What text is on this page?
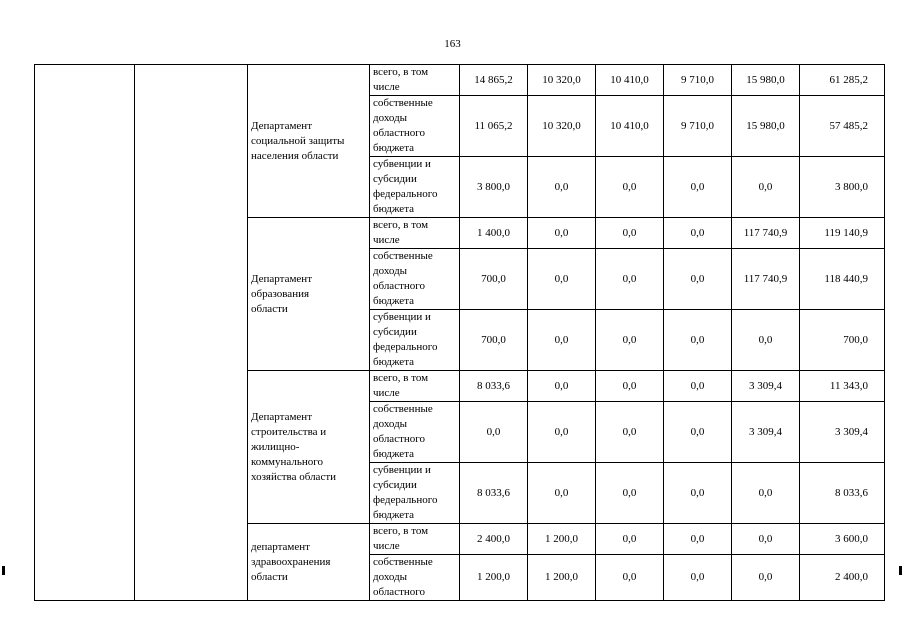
163
		Департамент
социальной защиты
населения области	всего, в том
числе	14 865,2	10 320,0	10 410,0	9 710,0	15 980,0	61 285,2
			собственные
доходы
областного
бюджета	11 065,2	10 320,0	10 410,0	9 710,0	15 980,0	57 485,2
			субвенции и
субсидии
федерального
бюджета	3 800,0	0,0	0,0	0,0	0,0	3 800,0
		Департамент
образования
области	всего, в том
числе	1 400,0	0,0	0,0	0,0	117 740,9	119 140,9
			собственные
доходы
областного
бюджета	700,0	0,0	0,0	0,0	117 740,9	118 440,9
			субвенции и
субсидии
федерального
бюджета	700,0	0,0	0,0	0,0	0,0	700,0
		Департамент
строительства и
жилищно-
коммунального
хозяйства области	всего, в том
числе	8 033,6	0,0	0,0	0,0	3 309,4	11 343,0
			собственные
доходы
областного
бюджета	0,0	0,0	0,0	0,0	3 309,4	3 309,4
			субвенции и
субсидии
федерального
бюджета	8 033,6	0,0	0,0	0,0	0,0	8 033,6
		департамент
здравоохранения
области	всего, в том
числе	2 400,0	1 200,0	0,0	0,0	0,0	3 600,0
			собственные
доходы
областного	1 200,0	1 200,0	0,0	0,0	0,0	2 400,0
